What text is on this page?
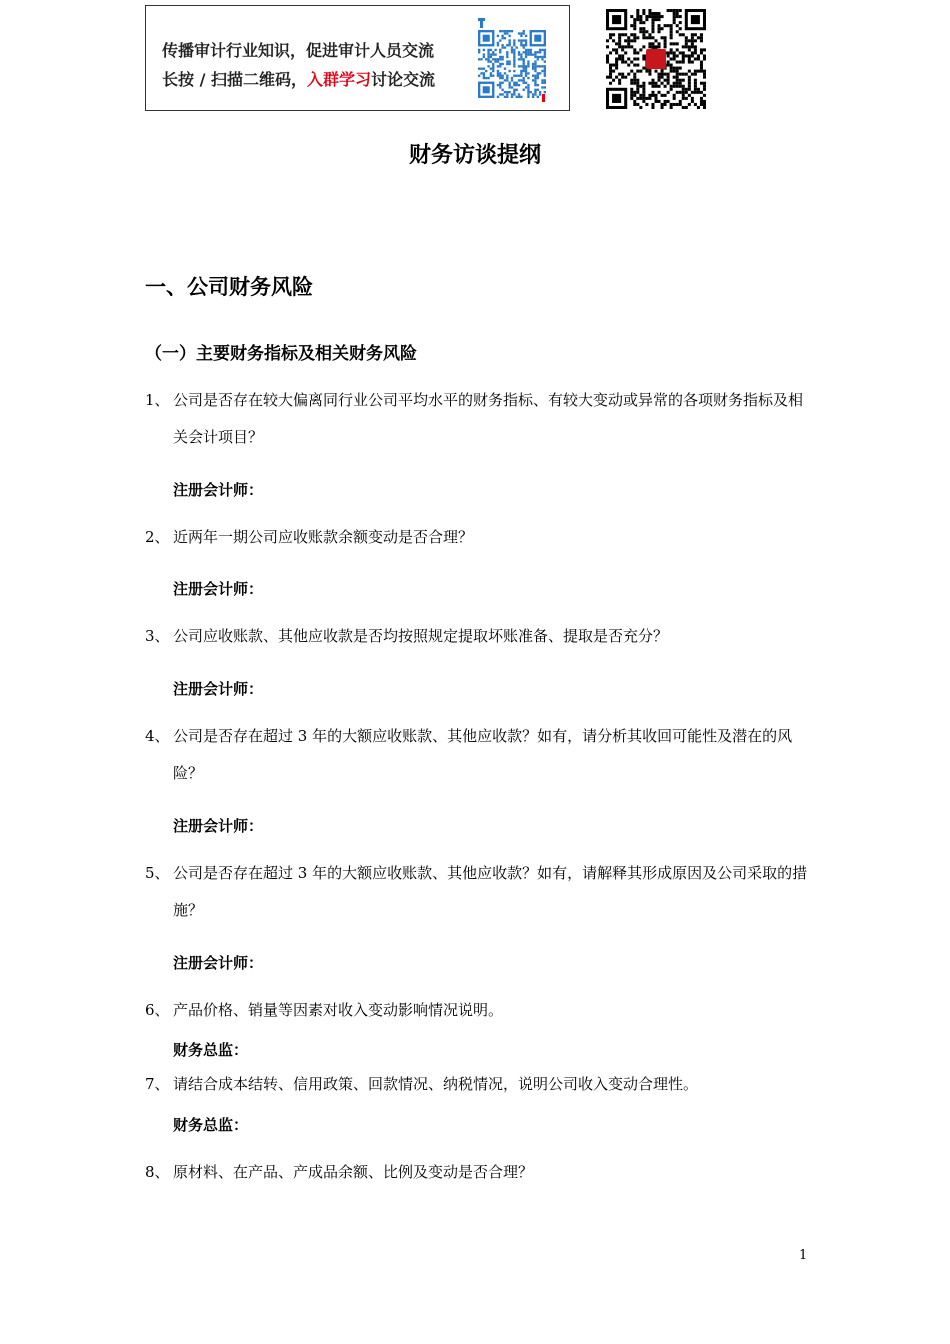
传播审计行业知识，促进审计人员交流
长按 / 扫描二维码，入群学习讨论交流
财务访谈提纲
一、公司财务风险
（一）主要财务指标及相关财务风险
1、 公司是否存在较大偏离同行业公司平均水平的财务指标、有较大变动或异常的各项财务指标及相关会计项目？
注册会计师：
2、 近两年一期公司应收账款余额变动是否合理？
注册会计师：
3、 公司应收账款、其他应收款是否均按照规定提取坏账准备、提取是否充分？
注册会计师：
4、 公司是否存在超过 3 年的大额应收账款、其他应收款？如有，请分析其收回可能性及潜在的风险？
注册会计师：
5、 公司是否存在超过 3 年的大额应收账款、其他应收款？如有，请解释其形成原因及公司采取的措施？
注册会计师：
6、 产品价格、销量等因素对收入变动影响情况说明。
财务总监：
7、 请结合成本结转、信用政策、回款情况、纳税情况，说明公司收入变动合理性。
财务总监：
8、 原材料、在产品、产成品余额、比例及变动是否合理？
1
